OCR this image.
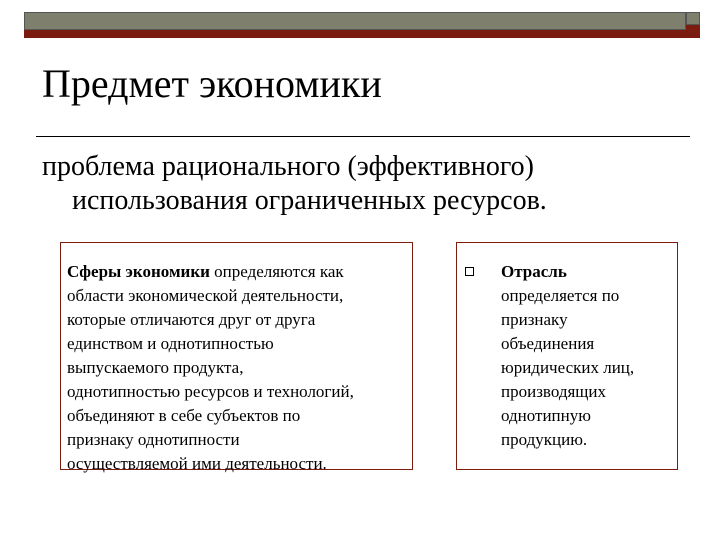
Предмет экономики
проблема рационального (эффективного)
использования ограниченных ресурсов.
Сферы экономики определяются как
области экономической деятельности,
которые отличаются друг от друга
единством и однотипностью
выпускаемого продукта,
однотипностью ресурсов и технологий,
объединяют в себе субъектов по
признаку однотипности
осуществляемой ими деятельности.
Отрасль
определяется по
признаку
объединения
юридических лиц,
производящих
однотипную
продукцию.
